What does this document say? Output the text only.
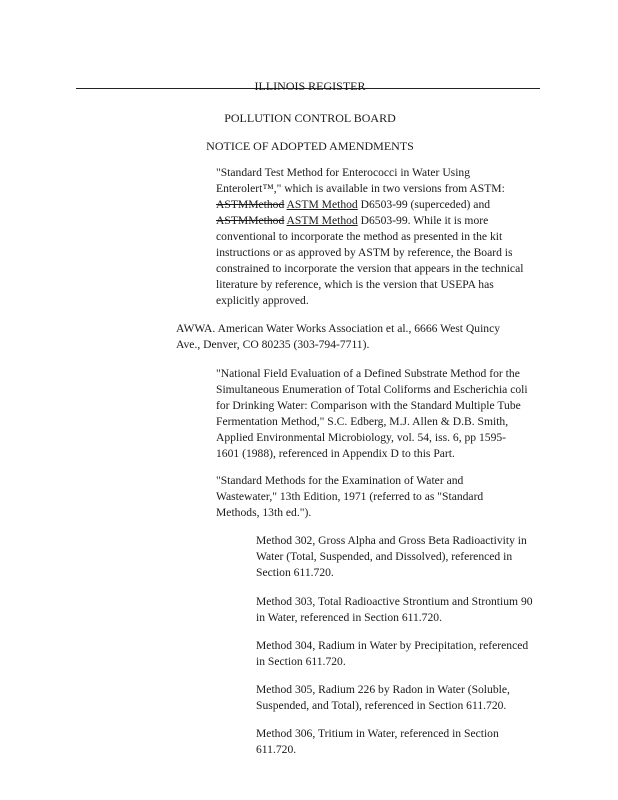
ILLINOIS REGISTER
POLLUTION CONTROL BOARD
NOTICE OF ADOPTED AMENDMENTS
"Standard Test Method for Enterococci in Water Using
Enterolert™," which is available in two versions from ASTM:
ASTMMethod ASTM Method D6503-99 (superceded) and
ASTMMethod ASTM Method D6503-99. While it is more
conventional to incorporate the method as presented in the kit
instructions or as approved by ASTM by reference, the Board is
constrained to incorporate the version that appears in the technical
literature by reference, which is the version that USEPA has
explicitly approved.
AWWA. American Water Works Association et al., 6666 West Quincy
Ave., Denver, CO 80235 (303-794-7711).
"National Field Evaluation of a Defined Substrate Method for the
Simultaneous Enumeration of Total Coliforms and Escherichia coli
for Drinking Water: Comparison with the Standard Multiple Tube
Fermentation Method," S.C. Edberg, M.J. Allen & D.B. Smith,
Applied Environmental Microbiology, vol. 54, iss. 6, pp 1595-
1601 (1988), referenced in Appendix D to this Part.
"Standard Methods for the Examination of Water and
Wastewater," 13th Edition, 1971 (referred to as "Standard
Methods, 13th ed.").
Method 302, Gross Alpha and Gross Beta Radioactivity in
Water (Total, Suspended, and Dissolved), referenced in
Section 611.720.
Method 303, Total Radioactive Strontium and Strontium 90
in Water, referenced in Section 611.720.
Method 304, Radium in Water by Precipitation, referenced
in Section 611.720.
Method 305, Radium 226 by Radon in Water (Soluble,
Suspended, and Total), referenced in Section 611.720.
Method 306, Tritium in Water, referenced in Section
611.720.
